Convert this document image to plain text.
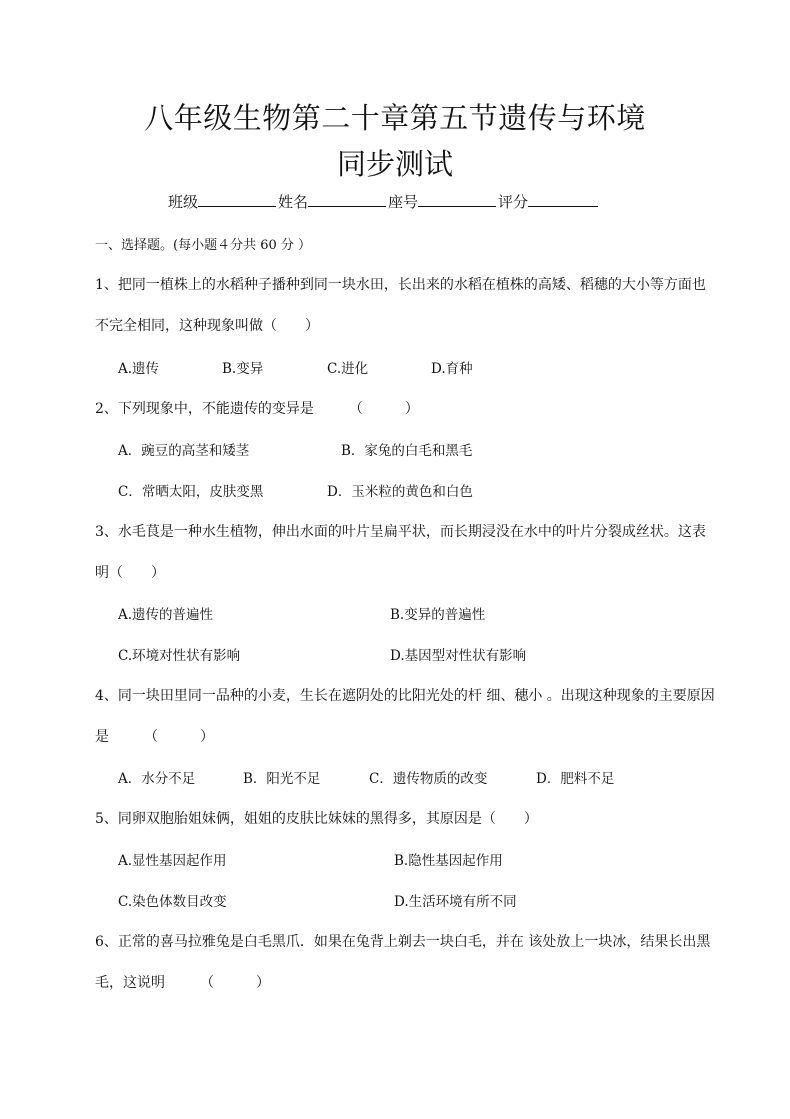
八年级生物第二十章第五节遗传与环境
同步测试
班级	姓名	座号	评分
一、选择题。(每小题４分共 60 分 ）
1、把同一植株上的水稻种子播种到同一块水田，长出来的水稻在植株的高矮、稻穗的大小等方面也
不完全相同，这种现象叫做（　　）
A.遗传	B.变异	C.进化	D.育种
2、下列现象中，不能遗传的变异是　　　（　　　）
A．豌豆的高茎和矮茎	B．家兔的白毛和黑毛
C．常晒太阳，皮肤变黑	D．玉米粒的黄色和白色
3、水毛茛是一种水生植物，伸出水面的叶片呈扁平状，而长期浸没在水中的叶片分裂成丝状。这表
明（　　）
A.遗传的普遍性	B.变异的普遍性
C.环境对性状有影响	D.基因型对性状有影响
4、同一块田里同一品种的小麦，生长在遮阴处的比阳光处的杆 细、穗小 。出现这种现象的主要原因
是　　　（　　　）
A．水分不足	B．阳光不足	C．遗传物质的改变	D．肥料不足
5、同卵双胞胎姐妹俩，姐姐的皮肤比妹妹的黑得多，其原因是（　　）
A.显性基因起作用	B.隐性基因起作用
C.染色体数目改变	D.生活环境有所不同
6、正常的喜马拉雅兔是白毛黑爪．如果在兔背上剃去一块白毛，并在 该处放上一块冰，结果长出黑
毛，这说明　　　（　　　）
